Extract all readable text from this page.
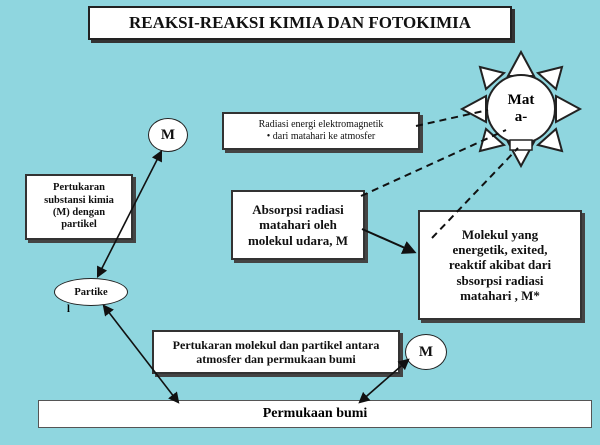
REAKSI-REAKSI KIMIA DAN FOTOKIMIA
Mat
a-
Radiasi energi elektromagnetik
• dari matahari ke atmosfer
Absorpsi radiasi
matahari oleh
molekul udara, M	Molekul yang
energetik, exited,
reaktif akibat dari
sbsorpsi radiasi
matahari , M*
Pertukaran
substansi kimia
(M) dengan
partikel
Pertukaran molekul dan partikel antara
atmosfer dan permukaan bumi
M
M
Partike
l
Permukaan bumi
